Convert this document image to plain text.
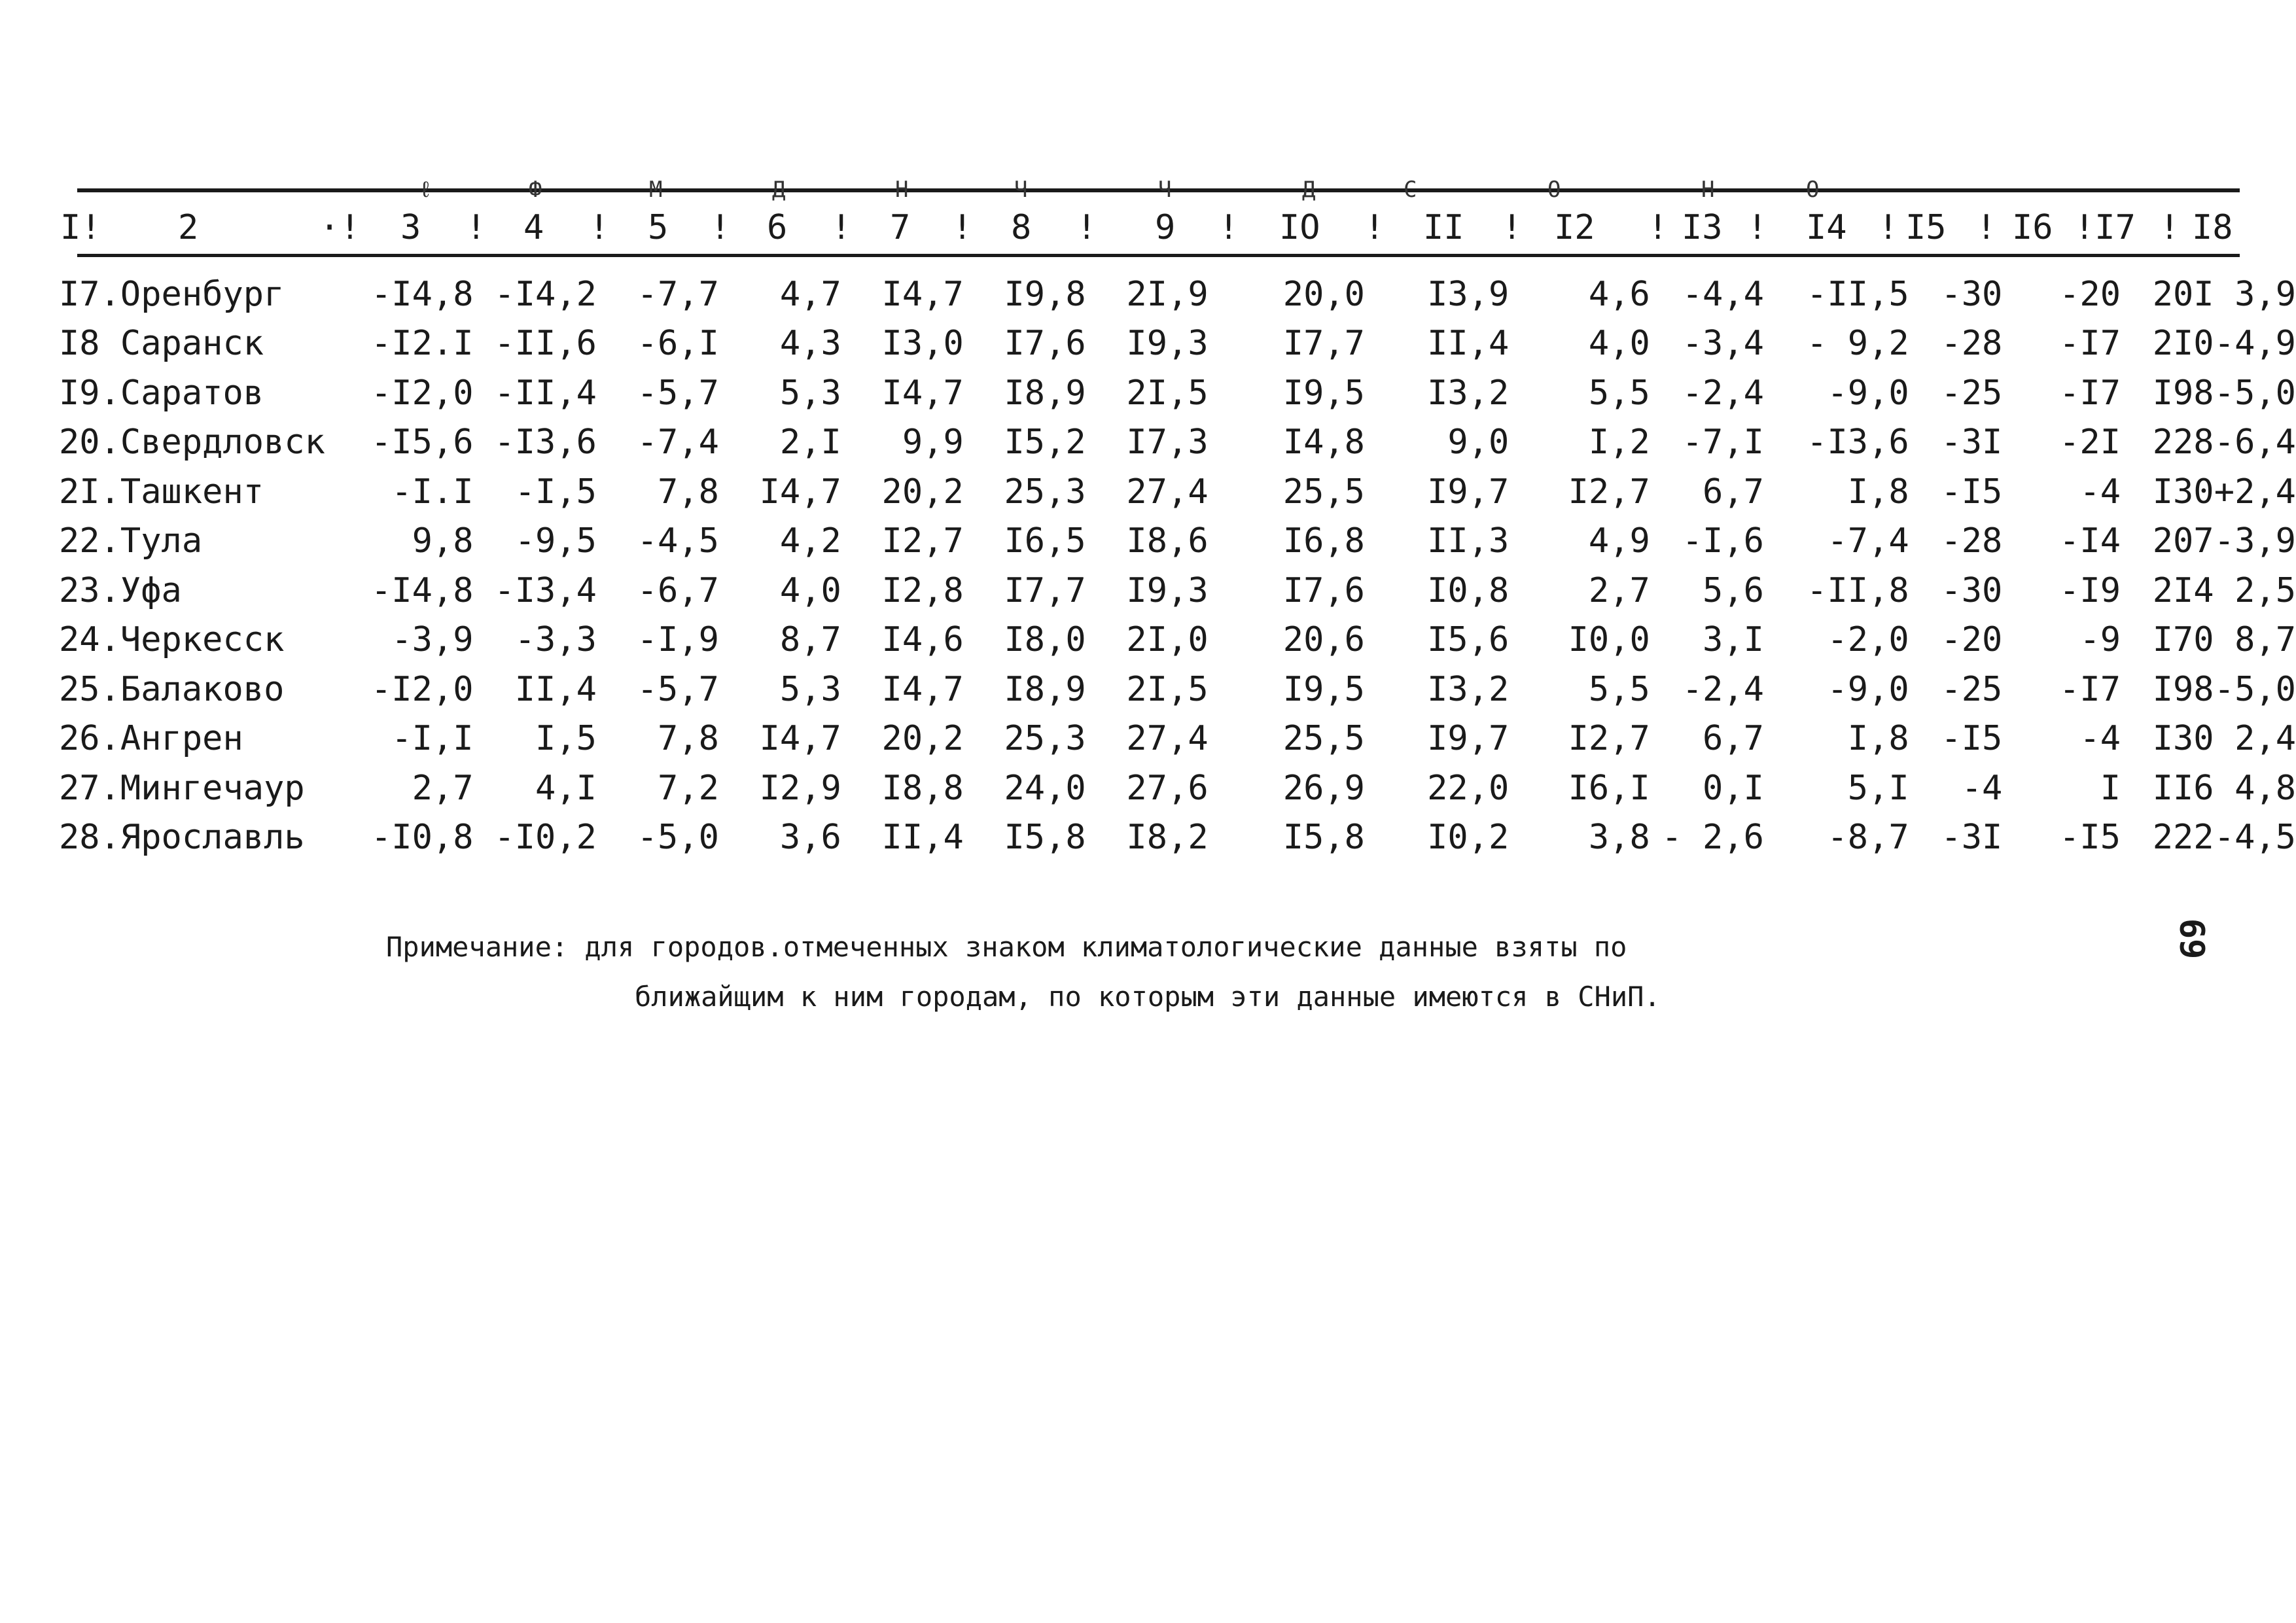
ℓ	Ф	М	Д	Н	Ч	Ч	Д	С	О	Н	О
I! 2	·! 3 ! 4 ! 5 ! 6 ! 7 ! 8 ! 9 ! IO ! II ! I2 ! I3 ! I4 ! I5 ! I6 !I7 ! I8
I7.Оренбург	-I4,8	-I4,2	-7,7	4,7	I4,7	I9,8	2I,9	20,0	I3,9	4,6	-4,4	-II,5	-30	-20	20I	3,9
I8 Саранск	-I2.I	-II,6	-6,I	4,3	I3,0	I7,6	I9,3	I7,7	II,4	4,0	-3,4	- 9,2	-28	-I7	2I0	-4,9
I9.Саратов	-I2,0	-II,4	-5,7	5,3	I4,7	I8,9	2I,5	I9,5	I3,2	5,5	-2,4	-9,0	-25	-I7	I98	-5,0
20.Свердловск	-I5,6	-I3,6	-7,4	2,I	9,9	I5,2	I7,3	I4,8	9,0	I,2	-7,I	-I3,6	-3I	-2I	228	-6,4
2I.Ташкент	-I.I	-I,5	7,8	I4,7	20,2	25,3	27,4	25,5	I9,7	I2,7	6,7	I,8	-I5	-4	I30	+2,4
22.Тула	9,8	-9,5	-4,5	4,2	I2,7	I6,5	I8,6	I6,8	II,3	4,9	-I,6	-7,4	-28	-I4	207	-3,9
23.Уфа	-I4,8	-I3,4	-6,7	4,0	I2,8	I7,7	I9,3	I7,6	I0,8	2,7	5,6	-II,8	-30	-I9	2I4	2,5
24.Черкесск	-3,9	-3,3	-I,9	8,7	I4,6	I8,0	2I,0	20,6	I5,6	I0,0	3,I	-2,0	-20	-9	I70	8,7
25.Балаково	-I2,0	II,4	-5,7	5,3	I4,7	I8,9	2I,5	I9,5	I3,2	5,5	-2,4	-9,0	-25	-I7	I98	-5,0
26.Ангрен	-I,I	I,5	7,8	I4,7	20,2	25,3	27,4	25,5	I9,7	I2,7	6,7	I,8	-I5	-4	I30	2,4
27.Мингечаур	2,7	4,I	7,2	I2,9	I8,8	24,0	27,6	26,9	22,0	I6,I	0,I	5,I	-4	I	II6	4,8
28.Ярославль	-I0,8	-I0,2	-5,0	3,6	II,4	I5,8	I8,2	I5,8	I0,2	3,8	- 2,6	-8,7	-3I	-I5	222	-4,5
Примечание: для городов.отмеченных знаком климатологические данные взяты по
ближайщим к ним городам, по которым эти данные имеются в СНиП.
69
